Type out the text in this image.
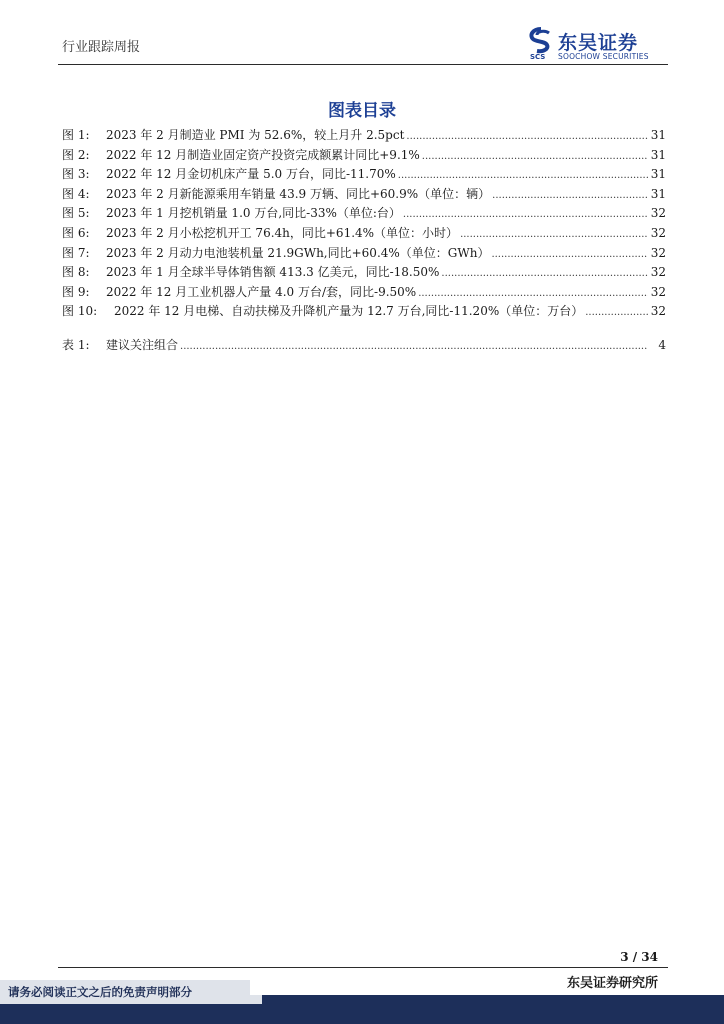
行业跟踪周报
SCS
东吴证券
SOOCHOW SECURITIES
图表目录
图 1:	2023 年 2 月制造业 PMI 为 52.6%，较上月升 2.5pct .....	31
图 2:	2022 年 12 月制造业固定资产投资完成额累计同比+9.1% .....	31
图 3:	2022 年 12 月金切机床产量 5.0 万台，同比-11.70% .....	31
图 4:	2023 年 2 月新能源乘用车销量 43.9 万辆、同比+60.9%（单位：辆） .....	31
图 5:	2023 年 1 月挖机销量 1.0 万台,同比-33%（单位:台） .....	32
图 6:	2023 年 2 月小松挖机开工 76.4h，同比+61.4%（单位：小时） .....	32
图 7:	2023 年 2 月动力电池装机量 21.9GWh,同比+60.4%（单位：GWh） .....	32
图 8:	2023 年 1 月全球半导体销售额 413.3 亿美元，同比-18.50% .....	32
图 9:	2022 年 12 月工业机器人产量 4.0 万台/套，同比-9.50% .....	32
图 10:	2022 年 12 月电梯、自动扶梯及升降机产量为 12.7 万台,同比-11.20%（单位：万台） .....	32
表 1:	建议关注组合 .....	4
3 / 34
东吴证券研究所
请务必阅读正文之后的免责声明部分
